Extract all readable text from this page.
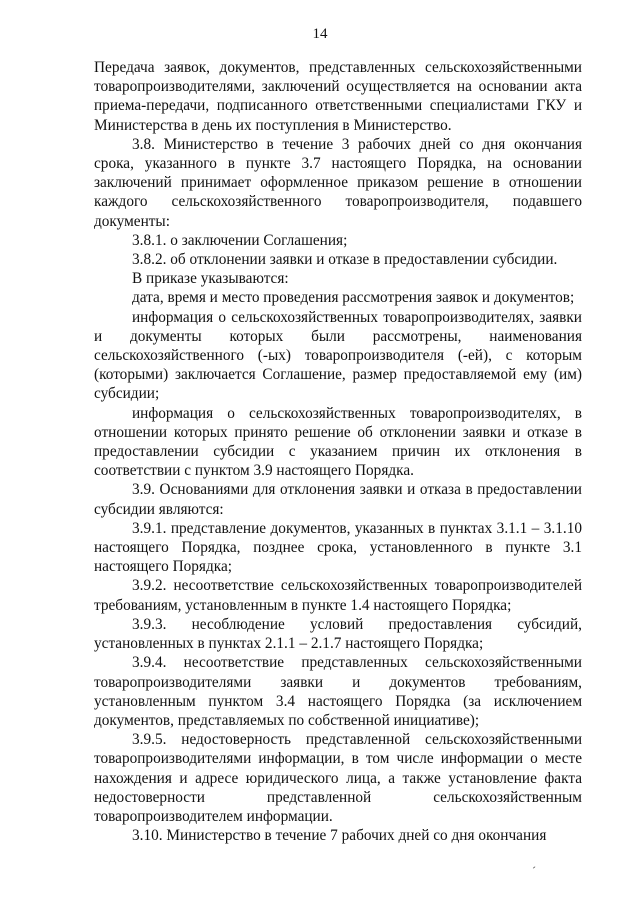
14

Передача заявок, документов, представленных сельскохозяйственными товаропроизводителями, заключений осуществляется на основании акта приема-передачи, подписанного ответственными специалистами ГКУ и Министерства в день их поступления в Министерство.

3.8. Министерство в течение 3 рабочих дней со дня окончания срока, указанного в пункте 3.7 настоящего Порядка, на основании заключений принимает оформленное приказом решение в отношении каждого сельскохозяйственного товаропроизводителя, подавшего документы:

3.8.1. о заключении Соглашения;

3.8.2. об отклонении заявки и отказе в предоставлении субсидии.

В приказе указываются:

дата, время и место проведения рассмотрения заявок и документов;

информация о сельскохозяйственных товаропроизводителях, заявки и документы которых были рассмотрены, наименования сельскохозяйственного (-ых) товаропроизводителя (-ей), с которым (которыми) заключается Соглашение, размер предоставляемой ему (им) субсидии;

информация о сельскохозяйственных товаропроизводителях, в отношении которых принято решение об отклонении заявки и отказе в предоставлении субсидии с указанием причин их отклонения в соответствии с пунктом 3.9 настоящего Порядка.

3.9. Основаниями для отклонения заявки и отказа в предоставлении субсидии являются:

3.9.1. представление документов, указанных в пунктах 3.1.1 – 3.1.10 настоящего Порядка, позднее срока, установленного в пункте 3.1 настоящего Порядка;

3.9.2. несоответствие сельскохозяйственных товаропроизводителей требованиям, установленным в пункте 1.4 настоящего Порядка;

3.9.3. несоблюдение условий предоставления субсидий, установленных в пунктах 2.1.1 – 2.1.7 настоящего Порядка;

3.9.4. несоответствие представленных сельскохозяйственными товаропроизводителями заявки и документов требованиям, установленным пунктом 3.4 настоящего Порядка (за исключением документов, представляемых по собственной инициативе);

3.9.5. недостоверность представленной сельскохозяйственными товаропроизводителями информации, в том числе информации о месте нахождения и адресе юридического лица, а также установление факта недостоверности представленной сельскохозяйственным товаропроизводителем информации.

3.10. Министерство в течение 7 рабочих дней со дня окончания

´
